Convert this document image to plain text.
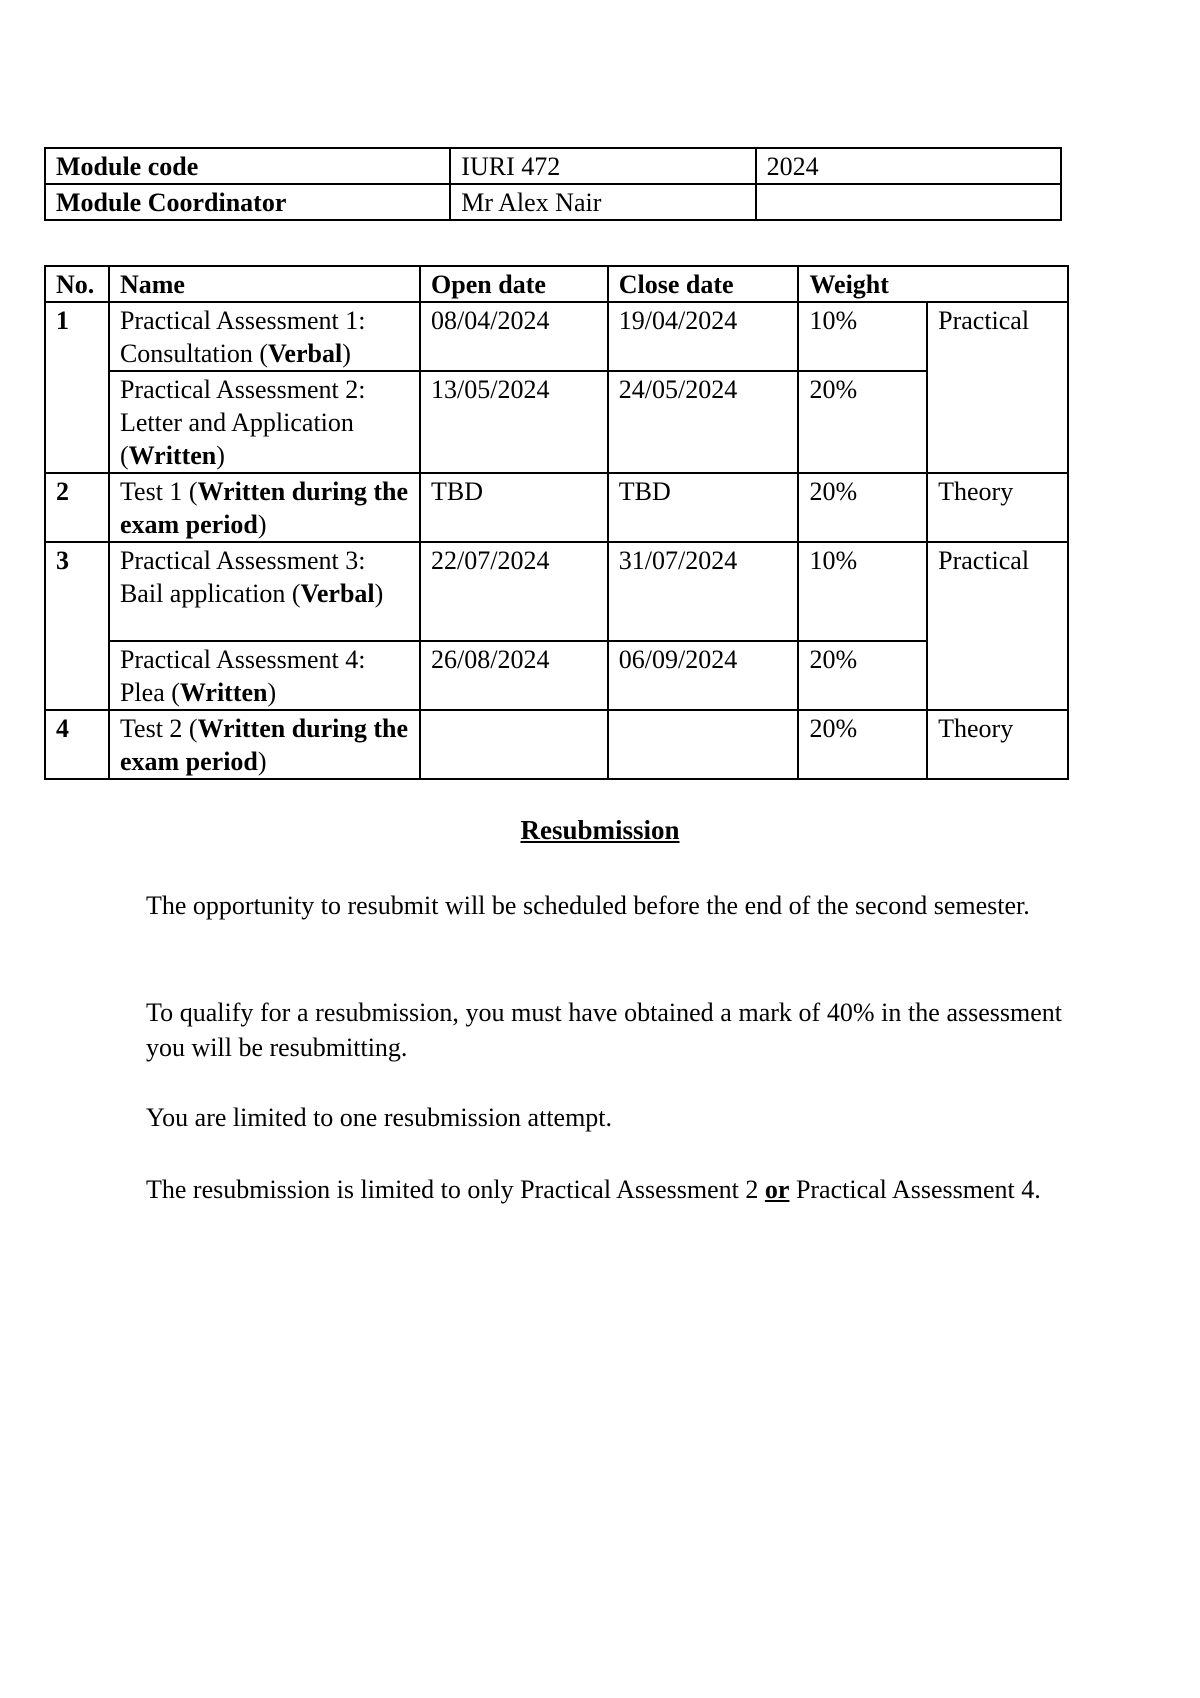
Module code	IURI 472	2024
Module Coordinator	Mr Alex Nair	
No.	Name	Open date	Close date	Weight	
1	Practical Assessment 1: Consultation (Verbal)	08/04/2024	19/04/2024	10%	Practical
	Practical Assessment 2: Letter and Application (Written)	13/05/2024	24/05/2024	20%	
2	Test 1 (Written during the exam period)	TBD	TBD	20%	Theory
3	Practical Assessment 3: Bail application (Verbal)	22/07/2024	31/07/2024	10%	Practical
	Practical Assessment 4: Plea (Written)	26/08/2024	06/09/2024	20%	
4	Test 2 (Written during the exam period)			20%	Theory
Resubmission
The opportunity to resubmit will be scheduled before the end of the second semester.
To qualify for a resubmission, you must have obtained a mark of 40% in the assessment you will be resubmitting.
You are limited to one resubmission attempt.
The resubmission is limited to only Practical Assessment 2 or Practical Assessment 4.
